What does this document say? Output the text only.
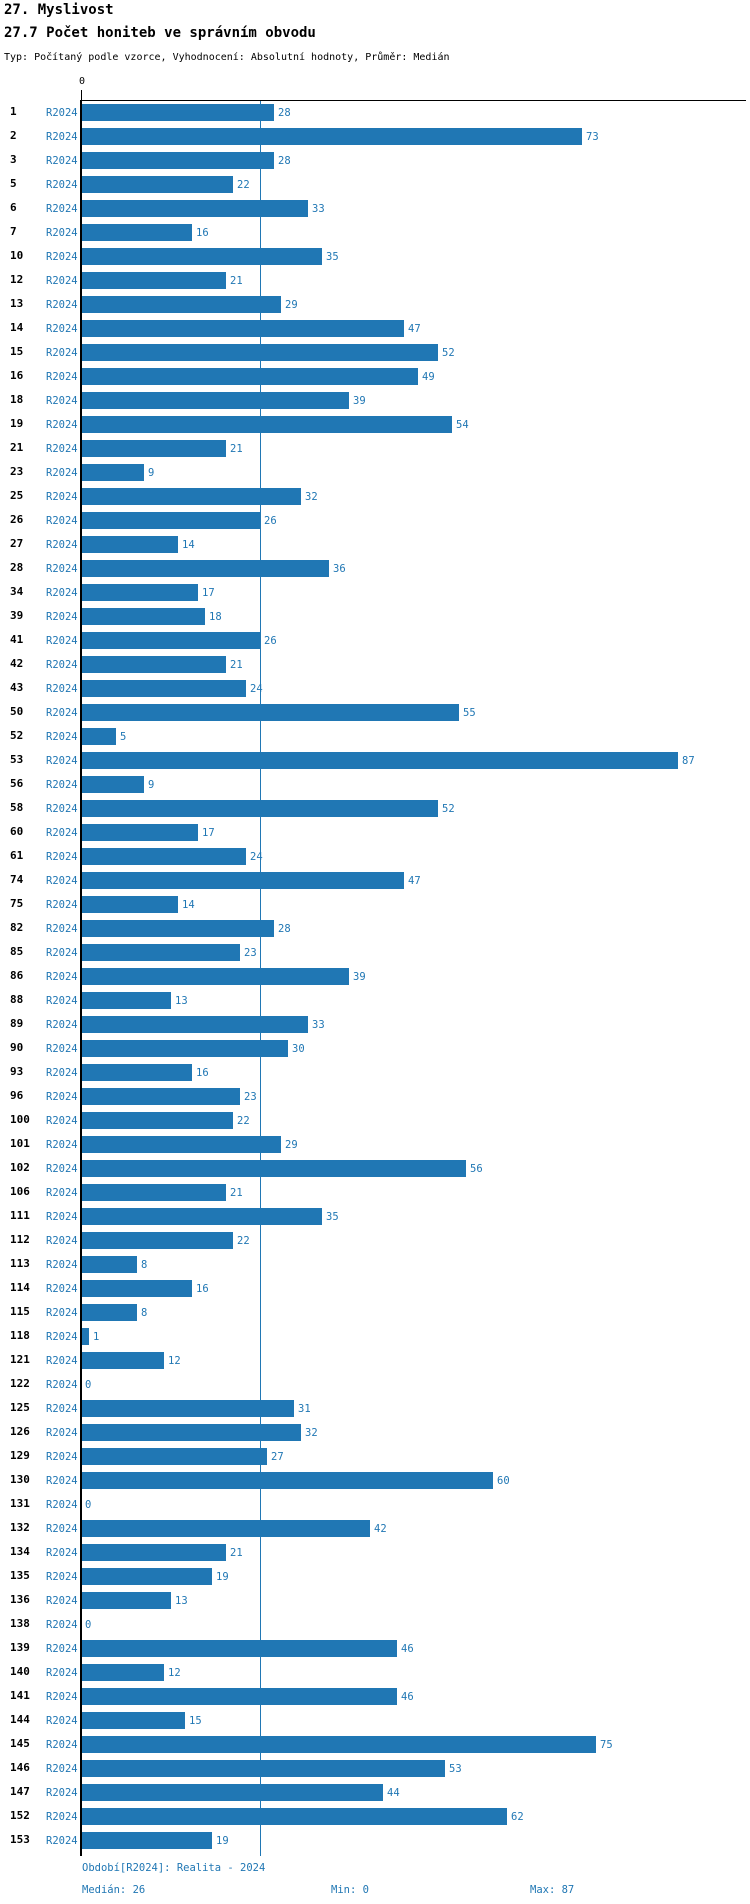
27. Myslivost
27.7 Počet honiteb ve správním obvodu
Typ: Počítaný podle vzorce, Vyhodnocení: Absolutní hodnoty, Průměr: Medián
0
1	R2024	28
2	R2024	73
3	R2024	28
5	R2024	22
6	R2024	33
7	R2024	16
10 R2024	35
12 R2024	21
13 R2024	29
14 R2024	47
15 R2024	52
16 R2024	49
18 R2024	39
19 R2024	54
21 R2024	21
23 R2024	9
25 R2024	32
26 R2024	26
27 R2024	14
28 R2024	36
34 R2024	17
39 R2024	18
41 R2024	26
42 R2024	21
43 R2024	24
50 R2024	55
52 R2024	5
53 R2024	87
56 R2024	9
58 R2024	52
60 R2024	17
61 R2024	24
74 R2024	47
75 R2024	14
82 R2024	28
85 R2024	23
86 R2024	39
88 R2024	13
89 R2024	33
90 R2024	30
93 R2024	16
96 R2024	23
100 R2024	22
101 R2024	29
102 R2024	56
106 R2024	21
111 R2024	35
112 R2024	22
113 R2024	8
114 R2024	16
115 R2024	8
118 R2024 1
121 R2024	12
122 R2024 0
125 R2024	31
126 R2024	32
129 R2024	27
130 R2024	60
131 R2024 0
132 R2024	42
134 R2024	21
135 R2024	19
136 R2024	13
138 R2024 0
139 R2024	46
140 R2024	12
141 R2024	46
144 R2024	15
145 R2024	75
146 R2024	53
147 R2024	44
152 R2024	62
153 R2024	19
Období[R2024]: Realita - 2024
Medián: 26	Min: 0	Max: 87
